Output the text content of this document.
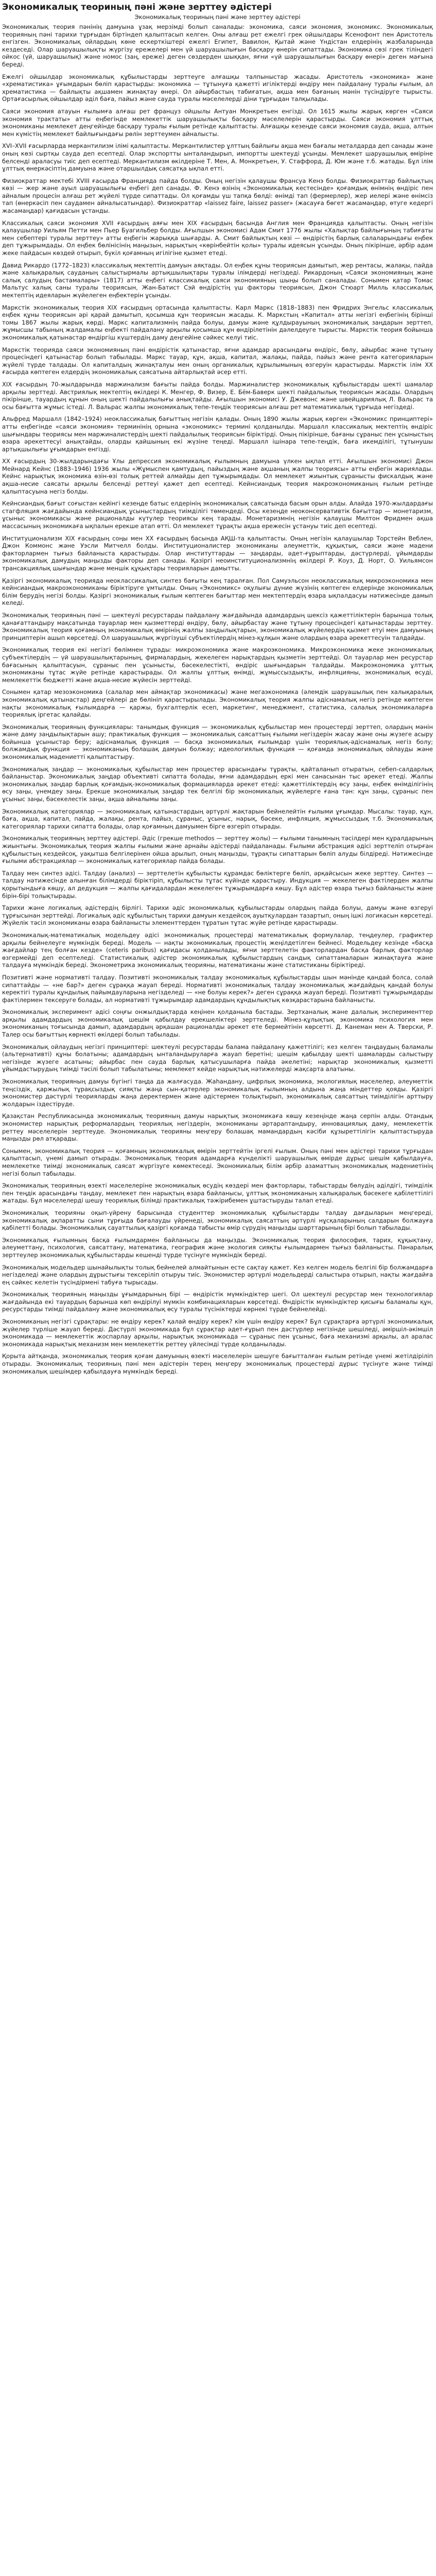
Экономикалық теориның пәні және зерттеу әдістері
Экономикалық теориның пәні және зерттеу әдістері

Экономикалық теория пәнінің дамуына ұзақ мерзімді болып саналады: экономика, саяси экономия, экономикс. Экономикалық теорияның пәні тарихи тұрғыдан біртіндеп қалыптасып келген. Оны алғаш рет ежелгі грек ойшылдары Ксенофонт пен Аристотель енгізген. Экономикалық ойлардың көне ескерткіштері ежелгі Египет, Вавилон, Қытай және Үндістан елдерінің жазбаларында кездеседі. Олар шаруашылықты жүргізу ережелері мен үй шаруашылығын басқару өнерін сипаттады. Экономика сөзі грек тіліндегі ойкос (үй, шаруашылық) және номос (заң, ереже) деген сөздерден шыққан, яғни «үй шаруашылығын басқару өнері» деген мағына береді.

Ежелгі ойшылдар экономикалық құбылыстарды зерттеуге алғашқы талпыныстар жасады. Аристотель «экономика» және «хрематистика» ұғымдарын бөліп қарастырды: экономика — тұтынуға қажетті игіліктерді өндіру мен пайдалану туралы ғылым, ал хрематистика — байлықты ақшамен жинақтау өнері. Ол айырбастың табиғатын, ақша мен бағаның мәнін түсіндіруге тырысты. Ортағасырлық ойшылдар әділ баға, пайыз және сауда туралы мәселелерді діни тұрғыдан талқылады.

Саяси экономия атауын ғылымға алғаш рет француз ойшылы Антуан Монкретьен енгізді. Ол 1615 жылы жарық көрген «Саяси экономия трактаты» атты еңбегінде мемлекеттік шаруашылықты басқару мәселелерін қарастырды. Саяси экономия ұлттық экономиканы мемлекет деңгейінде басқару туралы ғылым ретінде қалыптасты. Алғашқы кезеңде саяси экономия сауда, ақша, алтын мен күмістің мемлекет байлығындағы рөлін зерттеумен айналысты.

XVI–XVII ғасырларда меркантилизм ілімі қалыптасты. Меркантилистер ұлттың байлығы ақша мен бағалы металдарда деп санады және оның көзі сыртқы сауда деп есептеді. Олар экспортты ынталандырып, импортты шектеуді ұсынды. Мемлекет шаруашылық өміріне белсенді араласуы тиіс деп есептеді. Меркантилизм өкілдеріне Т. Мен, А. Монкретьен, У. Стаффорд, Д. Юм және т.б. жатады. Бұл ілім ұлттық өнеркәсіптің дамуына және отаршылдық саясатқа ықпал етті.

Физиократтар мектебі XVIII ғасырда Францияда пайда болды. Оның негізін қалаушы Франсуа Кенэ болды. Физиократтар байлықтың көзі — жер және ауыл шаруашылығы еңбегі деп санады. Ф. Кенэ өзінің «Экономикалық кестесінде» қоғамдық өнімнің өндіріс пен айналым процесін алғаш рет жүйелі түрде сипаттады. Ол қоғамды үш тапқа бөлді: өнімді тап (фермерлер), жер иелері және өнімсіз тап (өнеркәсіп пен саудамен айналысатындар). Физиократтар «laissez faire, laissez passer» (жасауға бөгет жасамаңдар, өтуге кедергі жасамаңдар) қағидасын ұстанды.

Классикалық саяси экономия XVII ғасырдың аяғы мен XIX ғасырдың басында Англия мен Францияда қалыптасты. Оның негізін қалаушылар Уильям Петти мен Пьер Буагильбер болды. Ағылшын экономисі Адам Смит 1776 жылы «Халықтар байлығының табиғаты мен себептері туралы зерттеу» атты еңбегін жарыққа шығарды. А. Смит байлықтың көзі — өндірістің барлық салаларындағы еңбек деп тұжырымдады. Ол еңбек бөлінісінің маңызын, нарықтың «көрінбейтін қолы» туралы идеясын ұсынды. Оның пікірінше, әрбір адам жеке пайдасын көздей отырып, бүкіл қоғамның игілігіне қызмет етеді.

Давид Рикардо (1772–1823) классикалық мектептің дамуын аяқтады. Ол еңбек құны теориясын дамытып, жер рентасы, жалақы, пайда және халықаралық сауданың салыстырмалы артықшылықтары туралы ілімдерді негіздеді. Рикардоның «Саяси экономияның және салық салудың бастамалары» (1817) атты еңбегі классикалық саяси экономияның шыңы болып саналады. Сонымен қатар Томас Мальтус халық саны туралы теориясын, Жан-Батист Сэй өндірістің үш факторы теориясын, Джон Стюарт Милль классикалық мектептің идеяларын жүйелеген еңбектерін ұсынды.

Маркстік экономикалық теория XIX ғасырдың ортасында қалыптасты. Карл Маркс (1818–1883) пен Фридрих Энгельс классикалық еңбек құны теориясын әрі қарай дамытып, қосымша құн теориясын жасады. К. Маркстың «Капитал» атты негізгі еңбегінің бірінші томы 1867 жылы жарық көрді. Маркс капитализмнің пайда болуы, дамуы және құлдырауының экономикалық заңдарын зерттеп, жұмысшы табының жалдамалы еңбекті пайдалану арқылы қосымша құн өндірілетінін дәлелдеуге тырысты. Маркстік теория бойынша экономикалық қатынастар өндіргіш күштердің даму деңгейіне сәйкес келуі тиіс.

Маркстік теорияда саяси экономияның пәні өндірістік қатынастар, яғни адамдар арасындағы өндіріс, бөлу, айырбас және тұтыну процесіндегі қатынастар болып табылады. Маркс тауар, құн, ақша, капитал, жалақы, пайда, пайыз және рента категорияларын жүйелі түрде талдады. Ол капиталдың жинақталуы мен оның органикалық құрылымының өзгеруін қарастырды. Маркстік ілім XX ғасырда көптеген елдердің экономикалық саясатына айтарлықтай әсер етті.

XIX ғасырдың 70-жылдарында маржинализм бағыты пайда болды. Маржиналистер экономикалық құбылыстарды шекті шамалар арқылы зерттеді. Австриялық мектептің өкілдері К. Менгер, Ф. Визер, Е. Бём-Баверк шекті пайдалылық теориясын жасады. Олардың пікірінше, тауардың құнын оның шекті пайдалылығы анықтайды. Ағылшын экономисі У. Джевонс және швейцариялық Л. Вальрас та осы бағытта жұмыс істеді. Л. Вальрас жалпы экономикалық тепе-теңдік теориясын алғаш рет математикалық тұрғыда негіздеді.

Альфред Маршалл (1842–1924) неоклассикалық бағыттың негізін қалады. Оның 1890 жылы жарық көрген «Экономикс принциптері» атты еңбегінде «саяси экономия» терминінің орнына «экономикс» термині қолданылды. Маршалл классикалық мектептің өндіріс шығындары теориясы мен маржиналистердің шекті пайдалылық теориясын біріктірді. Оның пікірінше, бағаны сұраныс пен ұсыныстың өзара әрекеттесуі анықтайды, оларды қайшының екі жүзіне теңеді. Маршалл ішінара тепе-теңдік, баға икемділігі, тұтынушы артықшылығы ұғымдарын енгізді.

XX ғасырдың 30-жылдарындағы Ұлы депрессия экономикалық ғылымның дамуына үлкен ықпал етті. Ағылшын экономисі Джон Мейнард Кейнс (1883–1946) 1936 жылы «Жұмыспен қамтудың, пайыздың және ақшаның жалпы теориясы» атты еңбегін жариялады. Кейнс нарықтық экономика өзін-өзі толық реттей алмайды деп тұжырымдады. Ол мемлекет жиынтық сұранысты фискалдық және ақша-несие саясаты арқылы белсенді реттеуі қажет деп есептеді. Кейнсиандық теория макроэкономиканың ғылым ретінде қалыптасуына негіз болды.

Кейнсиандық бағыт соғыстан кейінгі кезеңде батыс елдерінің экономикалық саясатында басым орын алды. Алайда 1970-жылдардағы стагфляция жағдайында кейнсиандық ұсыныстардың тиімділігі төмендеді. Осы кезеңде неоконсервативтік бағыттар — монетаризм, ұсыныс экономикасы және рационалды күтулер теориясы кең тарады. Монетаризмнің негізін қалаушы Милтон Фридмен ақша массасының экономикаға ықпалын ерекше атап өтті. Ол мемлекет тұрақты ақша ережесін ұстануы тиіс деп есептеді.

Институционализм XIX ғасырдың соңы мен XX ғасырдың басында АҚШ-та қалыптасты. Оның негізін қалаушылар Торстейн Веблен, Джон Коммонс және Уэсли Митчелл болды. Институционалистер экономиканы әлеуметтік, құқықтық, саяси және мәдени факторлармен тығыз байланыста қарастырды. Олар институттарды — заңдарды, әдет-ғұрыптарды, дәстүрлерді, ұйымдарды экономикалық дамудың маңызды факторы деп санады. Қазіргі неоинституционализмнің өкілдері Р. Коуз, Д. Норт, О. Уильямсон трансакциялық шығындар және меншік құқықтары теорияларын дамытты.

Қазіргі экономикалық теорияда неоклассикалық синтез бағыты кең таралған. Пол Самуэльсон неоклассикалық микроэкономика мен кейнсиандық макроэкономиканы біріктіруге ұмтылды. Оның «Экономикс» оқулығы дүние жүзінің көптеген елдерінде экономикалық білім берудің негізі болды. Қазіргі экономикалық ғылым көптеген бағыттар мен мектептердің өзара ықпалдасуы нәтижесінде дамып келеді.

Экономикалық теорияның пәні — шектеулі ресурстарды пайдалану жағдайында адамдардың шексіз қажеттіліктерін барынша толық қанағаттандыру мақсатында тауарлар мен қызметтерді өндіру, бөлу, айырбастау және тұтыну процесіндегі қатынастарды зерттеу. Экономикалық теория қоғамның экономикалық өмірінің жалпы заңдылықтарын, экономикалық жүйелердің қызмет етуі мен дамуының принциптерін ашып көрсетеді. Ол шаруашылық жүргізуші субъектілердің мінез-құлқын және олардың өзара әрекеттесуін талдайды.

Экономикалық теория екі негізгі бөлімнен тұрады: микроэкономика және макроэкономика. Микроэкономика жеке экономикалық субъектілердің — үй шаруашылықтарының, фирмалардың, жекелеген нарықтардың қызметін зерттейді. Ол тауарлар мен ресурстар бағасының қалыптасуын, сұраныс пен ұсынысты, бәсекелестікті, өндіріс шығындарын талдайды. Макроэкономика ұлттық экономиканы тұтас жүйе ретінде қарастырады. Ол жалпы ұлттық өнімді, жұмыссыздықты, инфляцияны, экономикалық өсуді, мемлекеттік бюджетті және ақша-несие жүйесін зерттейді.

Сонымен қатар мезоэкономика (салалар мен аймақтар экономикасы) және мегаэкономика (әлемдік шаруашылық пен халықаралық экономикалық қатынастар) деңгейлері де бөлініп қарастырылады. Экономикалық теория жалпы әдіснамалық негіз ретінде көптеген нақты экономикалық ғылымдарға — қаржы, бухгалтерлік есеп, маркетинг, менеджмент, статистика, салалық экономикаларға теориялық іргетас қалайды.

Экономикалық теорияның функциялары: танымдық функция — экономикалық құбылыстар мен процестерді зерттеп, олардың мәнін және даму заңдылықтарын ашу; практикалық функция — экономикалық саясаттың ғылыми негіздерін жасау және оны жүзеге асыру бойынша ұсыныстар беру; әдіснамалық функция — басқа экономикалық ғылымдар үшін теориялық-әдіснамалық негіз болу; болжамдық функция — экономиканың болашақ дамуын болжау; идеологиялық функция — қоғамда экономикалық ойлауды және экономикалық мәдениетті қалыптастыру.

Экономикалық заңдар — экономикалық құбылыстар мен процестер арасындағы тұрақты, қайталанып отыратын, себеп-салдарлық байланыстар. Экономикалық заңдар объективті сипатта болады, яғни адамдардың еркі мен санасынан тыс әрекет етеді. Жалпы экономикалық заңдар барлық қоғамдық-экономикалық формацияларда әрекет етеді: қажеттіліктердің өсу заңы, еңбек өнімділігінің өсу заңы, үнемдеу заңы. Ерекше экономикалық заңдар тек белгілі бір экономикалық жүйелерге ғана тән: құн заңы, сұраныс пен ұсыныс заңы, бәсекелестік заңы, ақша айналымы заңы.

Экономикалық категориялар — экономикалық қатынастардың әртүрлі жақтарын бейнелейтін ғылыми ұғымдар. Мысалы: тауар, құн, баға, ақша, капитал, пайда, жалақы, рента, пайыз, сұраныс, ұсыныс, нарық, бәсеке, инфляция, жұмыссыздық т.б. Экономикалық категориялар тарихи сипатта болады, олар қоғамның дамуымен бірге өзгеріп отырады.

Экономикалық теорияның зерттеу әдістері. Әдіс (грекше methodos — зерттеу жолы) — ғылыми танымның тәсілдері мен құралдарының жиынтығы. Экономикалық теория жалпы ғылыми және арнайы әдістерді пайдаланады. Ғылыми абстракция әдісі зерттеліп отырған құбылыстың кездейсоқ, уақытша белгілерінен ойша арылып, оның маңызды, тұрақты сипаттарын бөліп алуды білдіреді. Нәтижесінде ғылыми абстракциялар — экономикалық категориялар пайда болады.

Талдау мен синтез әдісі. Талдау (анализ) — зерттелетін құбылысты құрамдас бөліктерге бөліп, әрқайсысын жеке зерттеу. Синтез — талдау нәтижесінде алынған білімдерді біріктіріп, құбылысты тұтас күйінде қарастыру. Индукция — жекелеген фактілерден жалпы қорытындыға көшу, ал дедукция — жалпы қағидалардан жекелеген тұжырымдарға көшу. Бұл әдістер өзара тығыз байланысты және бірін-бірі толықтырады.

Тарихи және логикалық әдістердің бірлігі. Тарихи әдіс экономикалық құбылыстарды олардың пайда болуы, дамуы және өзгеруі тұрғысынан зерттейді. Логикалық әдіс құбылыстың тарихи дамуын кездейсоқ ауытқулардан тазартып, оның ішкі логикасын көрсетеді. Жүйелік тәсіл экономиканы өзара байланысты элементтерден тұратын тұтас жүйе ретінде қарастырады.

Экономикалық-математикалық модельдеу әдісі экономикалық процестерді математикалық формулалар, теңдеулер, графиктер арқылы бейнелеуге мүмкіндік береді. Модель — нақты экономикалық процестің жеңілдетілген бейнесі. Модельдеу кезінде «басқа жағдайлар тең болған кезде» (ceteris paribus) қағидасы қолданылады, яғни зерттелетін факторлардан басқа барлық факторлар өзгермейді деп есептеледі. Статистикалық әдістер экономикалық құбылыстардың сандық сипаттамаларын жинақтауға және талдауға мүмкіндік береді. Эконометрика экономикалық теорияны, математиканы және статистиканы біріктіреді.

Позитивті және нормативті талдау. Позитивті экономикалық талдау экономикалық құбылыстарды шын мәнінде қандай болса, солай сипаттайды — «не бар?» деген сұраққа жауап береді. Нормативті экономикалық талдау экономикалық жағдайдың қандай болуы керектігі туралы құндылық пайымдауларына негізделеді — «не болуы керек?» деген сұраққа жауап береді. Позитивті тұжырымдарды фактілермен тексеруге болады, ал нормативті тұжырымдар адамдардың құндылықтық көзқарастарына байланысты.

Экономикалық эксперимент әдісі соңғы онжылдықтарда кеңінен қолданыла бастады. Зертханалық және далалық эксперименттер арқылы адамдардың экономикалық шешім қабылдау ерекшеліктері зерттеледі. Мінез-құлықтық экономика психология мен экономиканың тоғысында дамып, адамдардың әрқашан рационалды әрекет ете бермейтінін көрсетті. Д. Канеман мен А. Тверски, Р. Талер осы бағыттың көрнекті өкілдері болып табылады.

Экономикалық ойлаудың негізгі принциптері: шектеулі ресурстарды балама пайдалану қажеттілігі; кез келген таңдаудың баламалы (альтернативті) құны болатыны; адамдардың ынталандыруларға жауап беретіні; шешім қабылдау шекті шамаларды салыстыру негізінде жүзеге асатыны; айырбас пен сауда барлық қатысушыларға пайда әкелетіні; нарықтар экономикалық қызметті ұйымдастырудың тиімді тәсілі болып табылатыны; мемлекет кейде нарықтық нәтижелерді жақсарта алатыны.

Экономикалық теорияның дамуы бүгінгі таңда да жалғасуда. Жаһандану, цифрлық экономика, экологиялық мәселелер, әлеуметтік теңсіздік, қаржылық тұрақсыздық сияқты жаңа сын-қатерлер экономикалық ғылымның алдына жаңа міндеттер қояды. Қазіргі экономистер дәстүрлі теорияларды жаңа деректермен және әдістермен толықтырып, экономикалық саясаттың тиімділігін арттыру жолдарын іздестіруде.

Қазақстан Республикасында экономикалық теорияның дамуы нарықтық экономикаға көшу кезеңінде жаңа серпін алды. Отандық экономистер нарықтық реформалардың теориялық негіздерін, экономиканы әртараптандыру, инновациялық даму, мемлекеттік реттеу мәселелерін зерттеуде. Экономикалық теорияны меңгеру болашақ мамандардың кәсіби құзыреттілігін қалыптастыруда маңызды рөл атқарады.

Сонымен, экономикалық теория — қоғамның экономикалық өмірін зерттейтін іргелі ғылым. Оның пәні мен әдістері тарихи тұрғыдан қалыптасып, үнемі дамып отырады. Экономикалық теория адамдарға күнделікті шаруашылық өмірде дұрыс шешім қабылдауға, мемлекетке тиімді экономикалық саясат жүргізуге көмектеседі. Экономикалық білім әрбір азаматтың экономикалық мәдениетінің негізі болып табылады.

Экономикалық теорияның өзекті мәселелеріне экономикалық өсудің көздері мен факторлары, табыстарды бөлудің әділдігі, тиімділік пен теңдік арасындағы таңдау, мемлекет пен нарықтың өзара байланысы, ұлттық экономиканың халықаралық бәсекеге қабілеттілігі жатады. Бұл мәселелерді шешу теориялық білімді практикалық тәжірибемен ұштастыруды талап етеді.

Экономикалық теорияны оқып-үйрену барысында студенттер экономикалық құбылыстарды талдау дағдыларын меңгереді, экономикалық ақпаратты сыни тұрғыда бағалауды үйренеді, экономикалық саясаттың әртүрлі нұсқаларының салдарын болжауға қабілетті болады. Экономикалық сауаттылық қазіргі қоғамда табысты өмір сүрудің маңызды шарттарының бірі болып табылады.

Экономикалық ғылымның басқа ғылымдармен байланысы да маңызды. Экономикалық теория философия, тарих, құқықтану, әлеуметтану, психология, саясаттану, математика, география және экология сияқты ғылымдармен тығыз байланысты. Пәнаралық зерттеулер экономикалық құбылыстарды кешенді түрде түсінуге мүмкіндік береді.

Экономикалық модельдер шынайылықты толық бейнелей алмайтынын есте сақтау қажет. Кез келген модель белгілі бір болжамдарға негізделеді және олардың дұрыстығы тексеріліп отыруы тиіс. Экономистер әртүрлі модельдерді салыстыра отырып, нақты жағдайға ең сәйкес келетін түсіндірмені табуға тырысады.

Экономикалық теорияның маңызды ұғымдарының бірі — өндірістік мүмкіндіктер шегі. Ол шектеулі ресурстар мен технологиялар жағдайында екі тауардың барынша көп өндірілуі мүмкін комбинацияларын көрсетеді. Өндірістік мүмкіндіктер қисығы баламалы құн, ресурстарды тиімді пайдалану және экономикалық өсу туралы түсініктерді көрнекі түрде бейнелейді.

Экономиканың негізгі сұрақтары: не өндіру керек? қалай өндіру керек? кім үшін өндіру керек? Бұл сұрақтарға әртүрлі экономикалық жүйелер түрліше жауап береді. Дәстүрлі экономикада бұл сұрақтар әдет-ғұрып пен дәстүрлер негізінде шешіледі, әміршіл-әкімшіл экономикада — мемлекеттік жоспарлау арқылы, нарықтық экономикада — сұраныс пен ұсыныс, баға механизмі арқылы, ал аралас экономикада нарықтық механизм мен мемлекеттік реттеу үйлесімді түрде қолданылады.

Қорыта айтқанда, экономикалық теория қоғам дамуының өзекті мәселелерін шешуге бағытталған ғылым ретінде үнемі жетілдіріліп отырады. Экономикалық теорияның пәні мен әдістерін терең меңгеру экономикалық процестерді дұрыс түсінуге және тиімді экономикалық шешімдер қабылдауға мүмкіндік береді.
